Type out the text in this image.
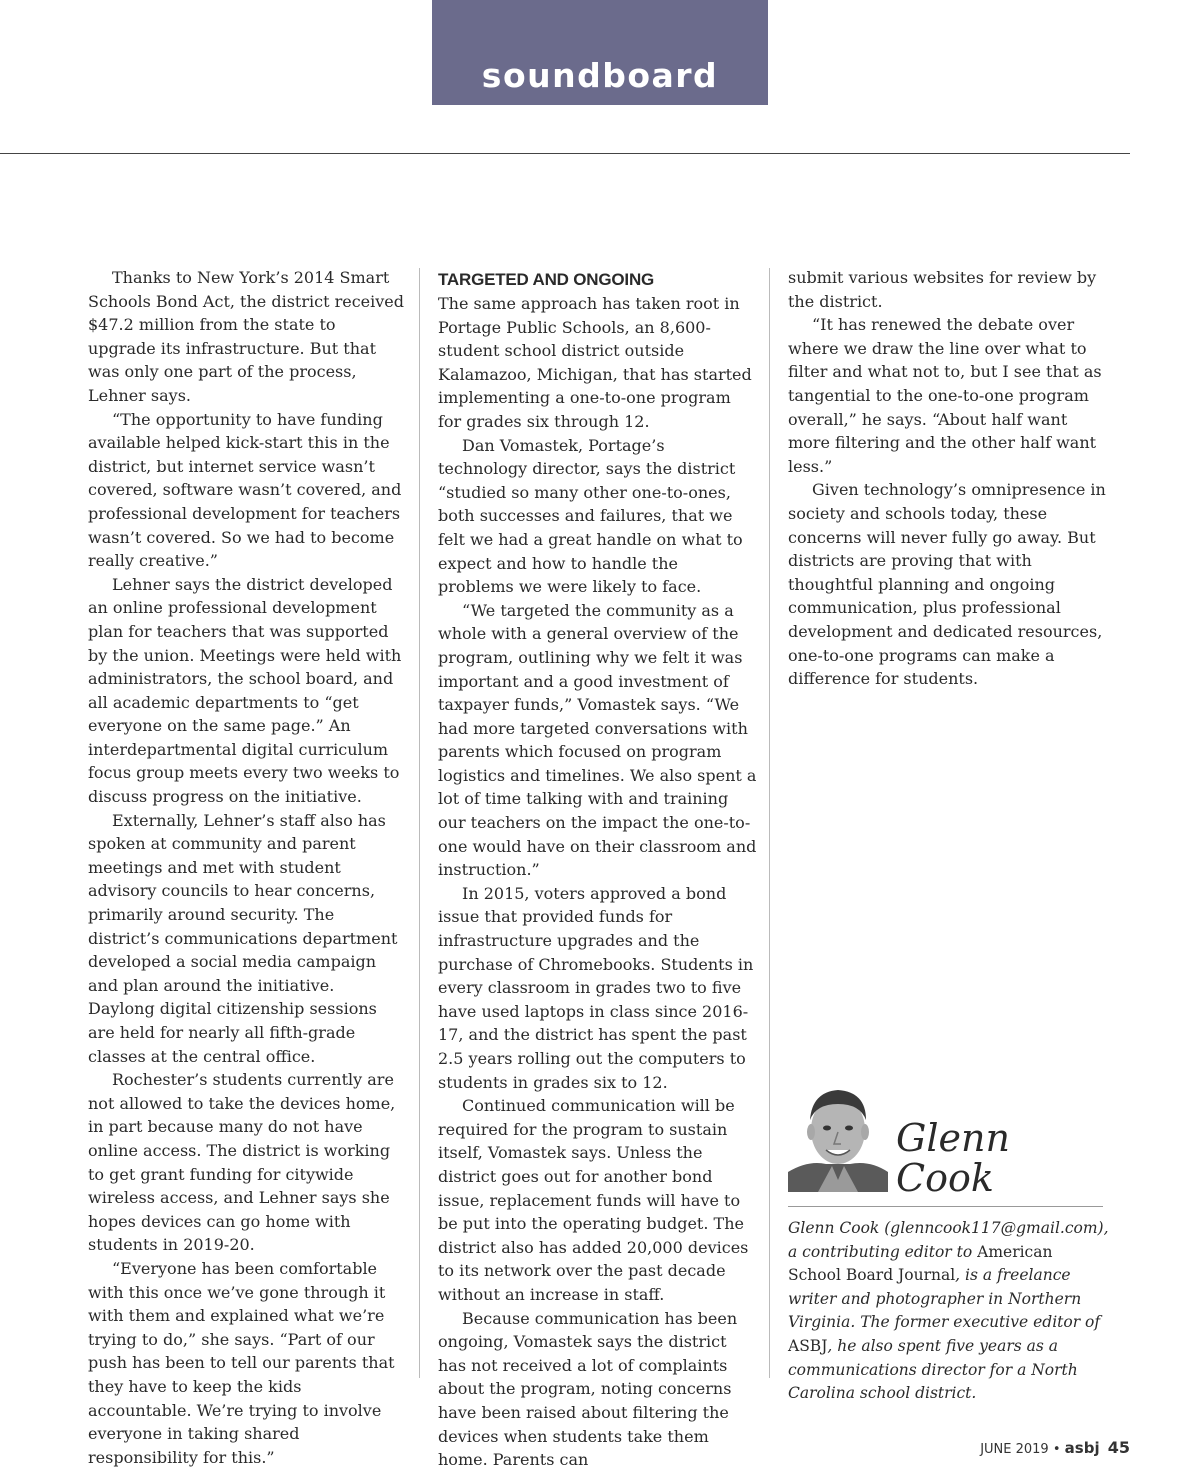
soundboard

Thanks to New York’s 2014 Smart Schools Bond Act, the district received $47.2 million from the state to upgrade its infrastructure. But that was only one part of the process, Lehner says.

“The opportunity to have funding available helped kick-start this in the district, but internet service wasn’t covered, software wasn’t covered, and professional development for teachers wasn’t covered. So we had to become really creative.”

Lehner says the district developed an online professional development plan for teachers that was supported by the union. Meetings were held with administrators, the school board, and all academic departments to “get everyone on the same page.” An interdepartmental digital curriculum focus group meets every two weeks to discuss progress on the initiative.

Externally, Lehner’s staff also has spoken at community and parent meetings and met with student advisory councils to hear concerns, primarily around security. The district’s communications department developed a social media campaign and plan around the initiative. Daylong digital citizenship sessions are held for nearly all fifth-grade classes at the central office.

Rochester’s students currently are not allowed to take the devices home, in part because many do not have online access. The district is working to get grant funding for citywide wireless access, and Lehner says she hopes devices can go home with students in 2019-20.

“Everyone has been comfortable with this once we’ve gone through it with them and explained what we’re trying to do,” she says. “Part of our push has been to tell our parents that they have to keep the kids accountable. We’re trying to involve everyone in taking shared responsibility for this.”

TARGETED AND ONGOING

The same approach has taken root in Portage Public Schools, an 8,600-student school district outside Kalamazoo, Michigan, that has started implementing a one-to-one program for grades six through 12.

Dan Vomastek, Portage’s technology director, says the district “studied so many other one-to-ones, both successes and failures, that we felt we had a great handle on what to expect and how to handle the problems we were likely to face.

“We targeted the community as a whole with a general overview of the program, outlining why we felt it was important and a good investment of taxpayer funds,” Vomastek says. “We had more targeted conversations with parents which focused on program logistics and timelines. We also spent a lot of time talking with and training our teachers on the impact the one-to-one would have on their classroom and instruction.”

In 2015, voters approved a bond issue that provided funds for infrastructure upgrades and the purchase of Chromebooks. Students in every classroom in grades two to five have used laptops in class since 2016-17, and the district has spent the past 2.5 years rolling out the computers to students in grades six to 12.

Continued communication will be required for the program to sustain itself, Vomastek says. Unless the district goes out for another bond issue, replacement funds will have to be put into the operating budget. The district also has added 20,000 devices to its network over the past decade without an increase in staff.

Because communication has been ongoing, Vomastek says the district has not received a lot of complaints about the program, noting concerns have been raised about filtering the devices when students take them home. Parents can

submit various websites for review by the district.

“It has renewed the debate over where we draw the line over what to filter and what not to, but I see that as tangential to the one-to-one program overall,” he says. “About half want more filtering and the other half want less.”

Given technology’s omnipresence in society and schools today, these concerns will never fully go away. But districts are proving that with thoughtful planning and ongoing communication, plus professional development and dedicated resources, one-to-one programs can make a difference for students.

Glenn
Cook
Glenn Cook (glenncook117@gmail.com), a contributing editor to American School Board Journal, is a freelance writer and photographer in Northern Virginia. The former executive editor of ASBJ, he also spent five years as a communications director for a North Carolina school district.
JUNE 2019 • asbj 45
